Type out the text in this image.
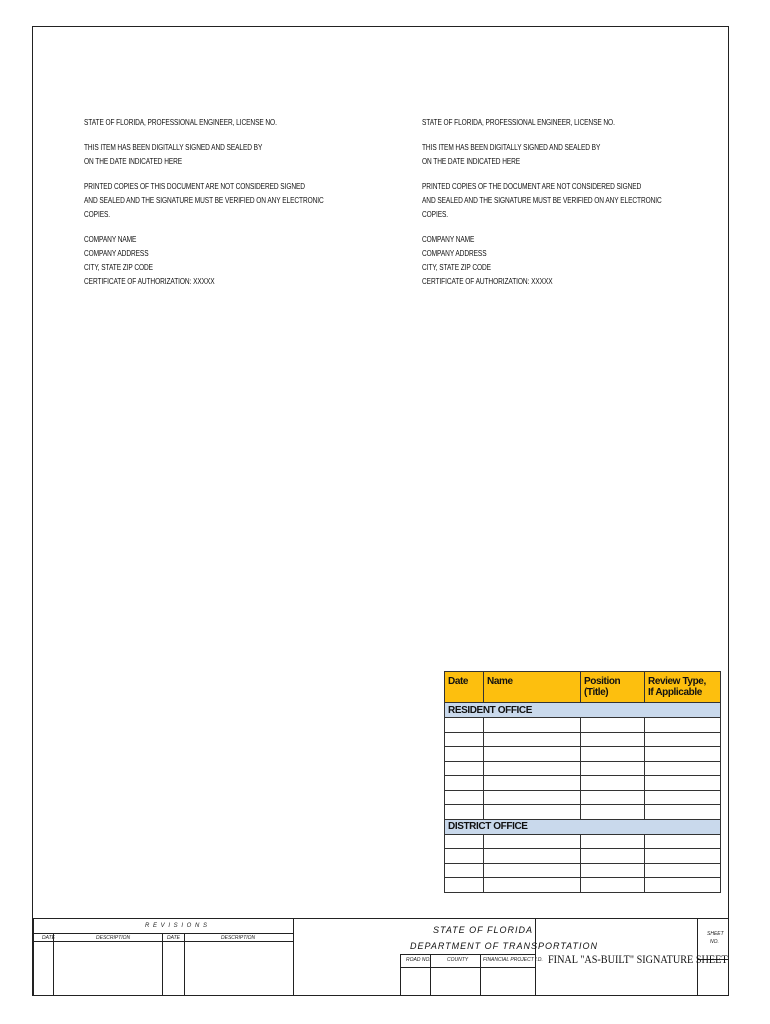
STATE OF FLORIDA, PROFESSIONAL ENGINEER, LICENSE NO.

THIS ITEM HAS BEEN DIGITALLY SIGNED AND SEALED BY
ON THE DATE INDICATED HERE

PRINTED COPIES OF THIS DOCUMENT ARE NOT CONSIDERED SIGNED
AND SEALED AND THE SIGNATURE MUST BE VERIFIED ON ANY ELECTRONIC
COPIES.

COMPANY NAME
COMPANY ADDRESS
CITY, STATE ZIP CODE
CERTIFICATE OF AUTHORIZATION: XXXXX

STATE OF FLORIDA, PROFESSIONAL ENGINEER, LICENSE NO.

THIS ITEM HAS BEEN DIGITALLY SIGNED AND SEALED BY
ON THE DATE INDICATED HERE

PRINTED COPIES OF THE DOCUMENT ARE NOT CONSIDERED SIGNED
AND SEALED AND THE SIGNATURE MUST BE VERIFIED ON ANY ELECTRONIC
COPIES.

COMPANY NAME
COMPANY ADDRESS
CITY, STATE ZIP CODE
CERTIFICATE OF AUTHORIZATION: XXXXX

Date	Name	Position (Title)	Review Type,
If Applicable
RESIDENT OFFICE			

DISTRICT OFFICE			

R E V I S I O N S
DATE	DESCRIPTION	DATE	DESCRIPTION
STATE OF FLORIDA
DEPARTMENT OF TRANSPORTATION
ROAD NO.	COUNTY	FINANCIAL PROJECT I.D. FINAL "AS-BUILT" SIGNATURE SHEET
SHEET
NO.
